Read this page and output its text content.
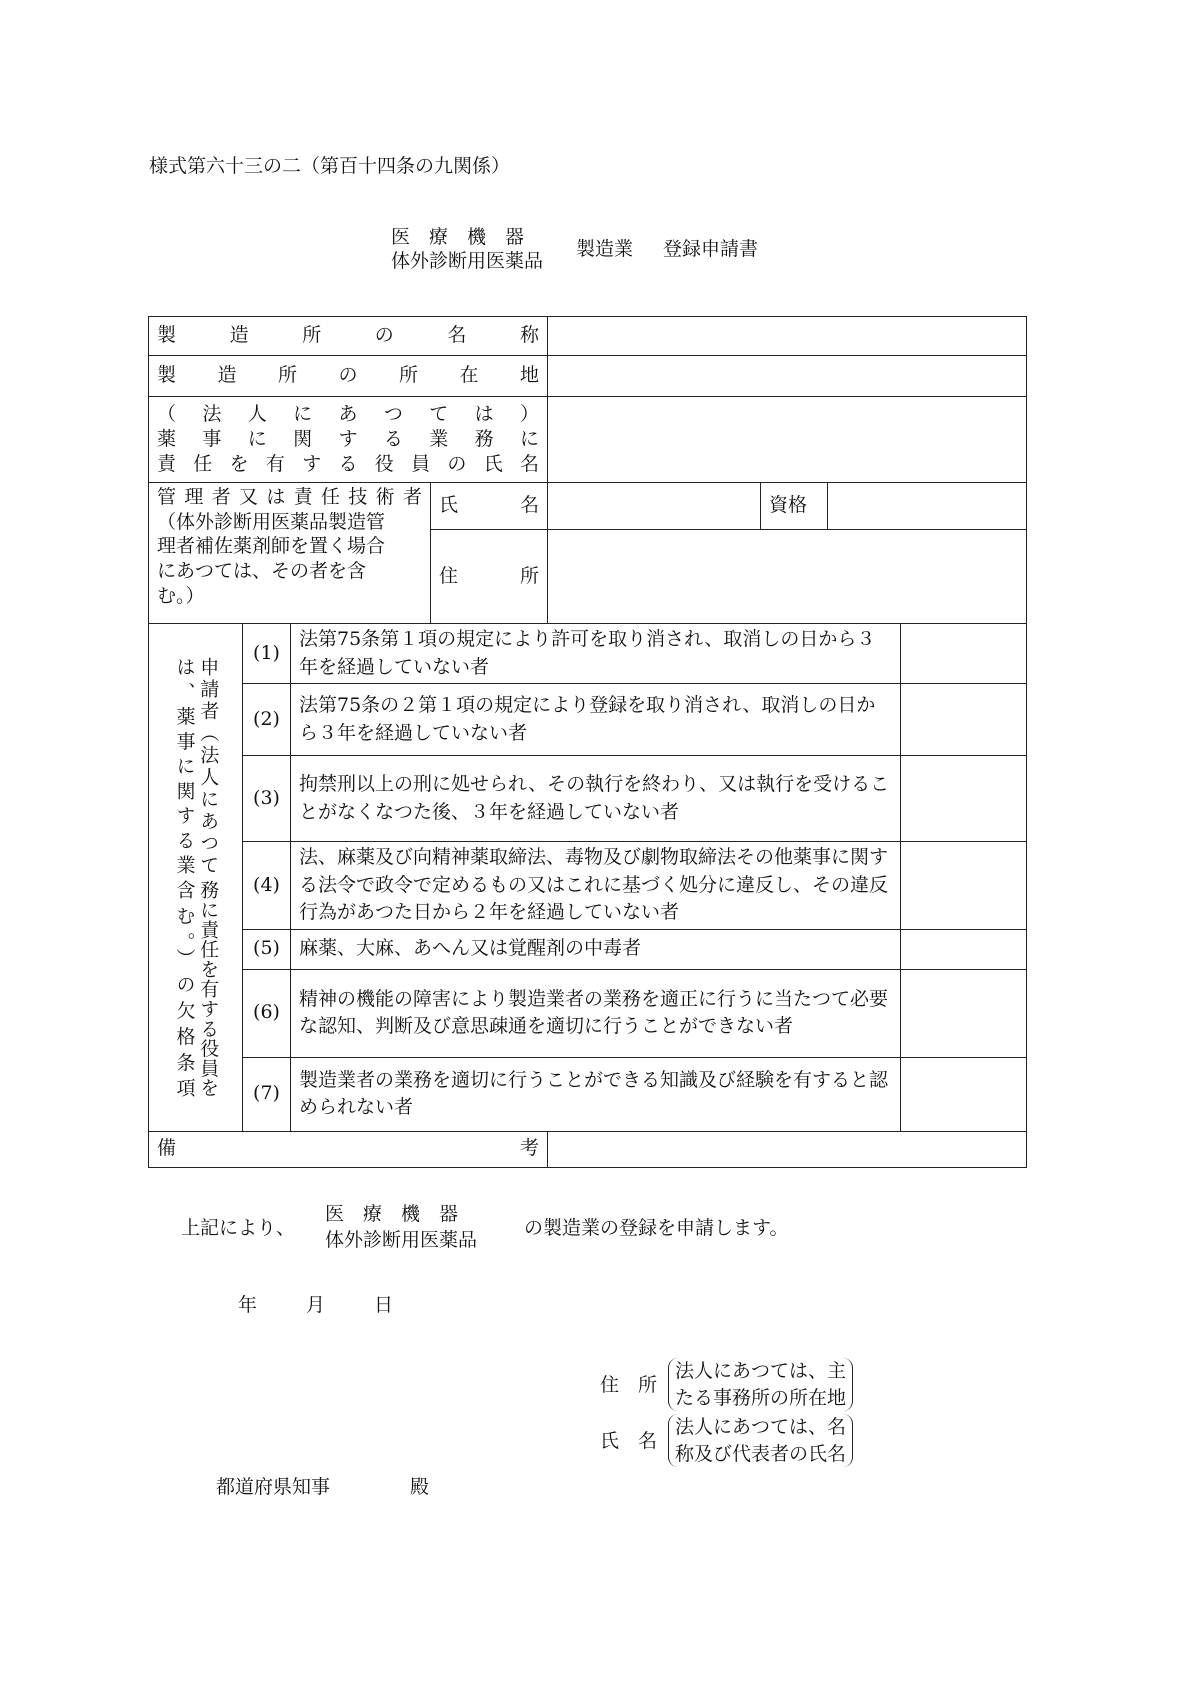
様式第六十三の二（第百十四条の九関係）
医　療　機　器
体外診断用医薬品
製造業 登録申請書
製造所の名称							
製造所の所在地							

（法人にあつては）
薬事に関する業務に
責任を有する役員の氏名							

管理者又は責任技術者
（体外診断用医薬品製造管
理者補佐薬剤師を置く場合
にあつては、その者を含
む。）			氏名		資格		
			住所				

申請者（法人にあつては、薬事に関する業
務に責任を有する役員を含む。）の欠格条項	(1)	法第75条第１項の規定により許可を取り消され、取消しの日から３年を経過していない者					
	(2)	法第75条の２第１項の規定により登録を取り消され、取消しの日から３年を経過していない者					
	(3)	拘禁刑以上の刑に処せられ、その執行を終わり、又は執行を受けることがなくなつた後、３年を経過していない者					
	(4)	法、麻薬及び向精神薬取締法、毒物及び劇物取締法その他薬事に関する法令で政令で定めるもの又はこれに基づく処分に違反し、その違反行為があつた日から２年を経過していない者					
	(5)	麻薬、大麻、あへん又は覚醒剤の中毒者					
	(6)	精神の機能の障害により製造業者の業務を適正に行うに当たつて必要な認知、判断及び意思疎通を適切に行うことができない者					
	(7)	製造業者の業務を適切に行うことができる知識及び経験を有すると認められない者					
備考							
上記により、
医　療　機　器
体外診断用医薬品
の製造業の登録を申請します。
年	月	日
住　所
法人にあつては、主
たる事務所の所在地
氏　名
法人にあつては、名
称及び代表者の氏名
都道府県知事	殿
